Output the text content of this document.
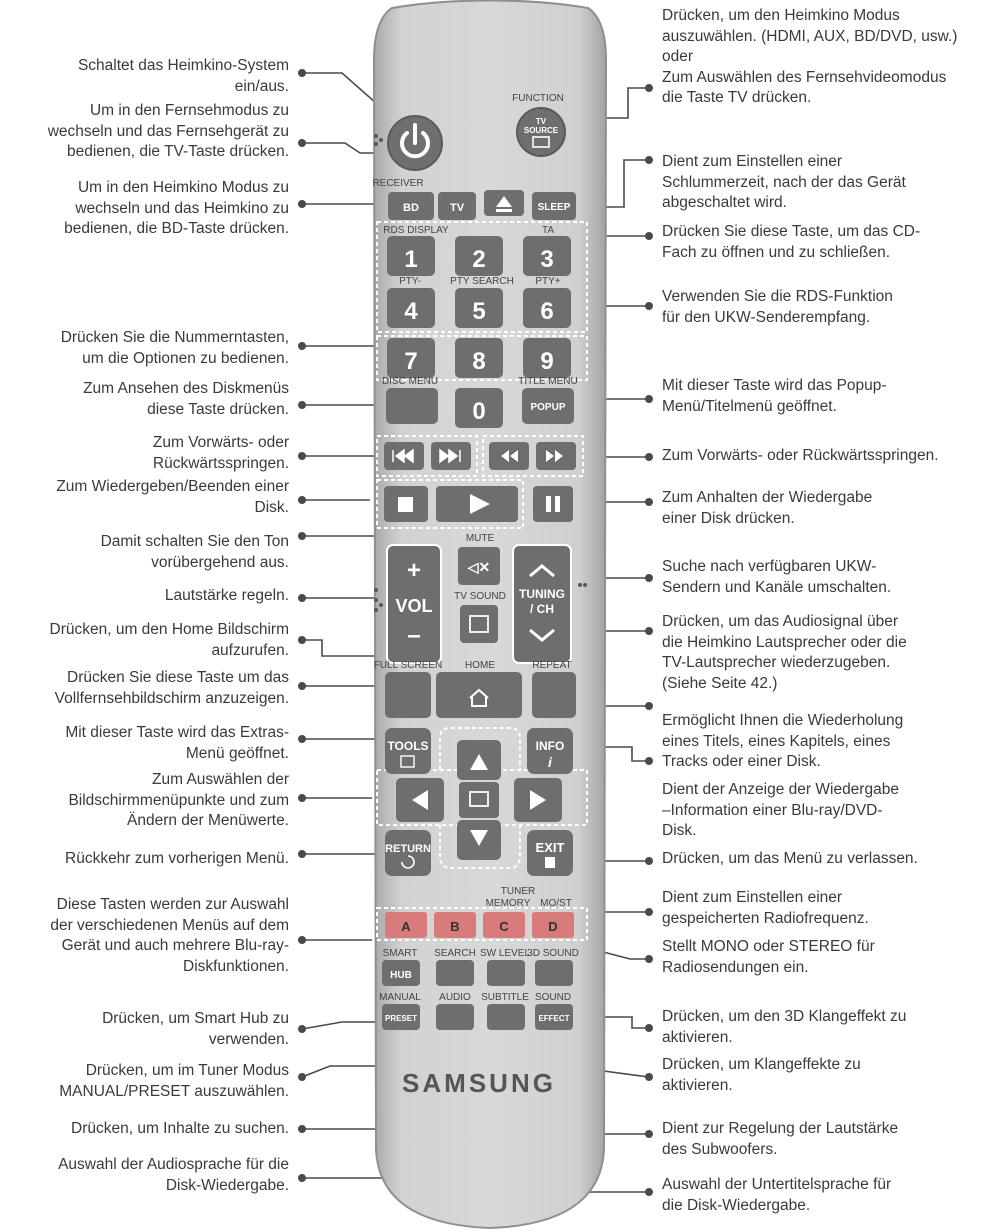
Schaltet das Heimkino-System
ein/aus.

Um in den Fernsehmodus zu
wechseln und das Fernsehgerät zu
bedienen, die TV-Taste drücken.

Um in den Heimkino Modus zu
wechseln und das Heimkino zu
bedienen, die BD-Taste drücken.

Drücken Sie die Nummerntasten,
um die Optionen zu bedienen.

Zum Ansehen des Diskmenüs
diese Taste drücken.

Zum Vorwärts- oder
Rückwärtsspringen.

Zum Wiedergeben/Beenden einer
Disk.

Damit schalten Sie den Ton
vorübergehend aus.

Lautstärke regeln.

Drücken, um den Home Bildschirm
aufzurufen.

Drücken Sie diese Taste um das
Vollfernsehbildschirm anzuzeigen.

Mit dieser Taste wird das Extras-
Menü geöffnet.

Zum Auswählen der
Bildschirmmenüpunkte und zum
Ändern der Menüwerte.

Rückkehr zum vorherigen Menü.

Diese Tasten werden zur Auswahl
der verschiedenen Menüs auf dem
Gerät und auch mehrere Blu-ray-
Diskfunktionen.

Drücken, um Smart Hub zu
verwenden.

Drücken, um im Tuner Modus
MANUAL/PRESET auszuwählen.

Drücken, um Inhalte zu suchen.

Auswahl der Audiosprache für die
Disk-Wiedergabe.

Drücken, um den Heimkino Modus
auszuwählen. (HDMI, AUX, BD/DVD, usw.)
oder
Zum Auswählen des Fernsehvideomodus
die Taste TV drücken.

Dient zum Einstellen einer
Schlummerzeit, nach der das Gerät
abgeschaltet wird.

Drücken Sie diese Taste, um das CD-
Fach zu öffnen und zu schließen.

Verwenden Sie die RDS-Funktion
für den UKW-Senderempfang.

Mit dieser Taste wird das Popup-
Menü/Titelmenü geöffnet.

Zum Vorwärts- oder Rückwärtsspringen.

Zum Anhalten der Wiedergabe
einer Disk drücken.

Suche nach verfügbaren UKW-
Sendern und Kanäle umschalten.

Drücken, um das Audiosignal über
die Heimkino Lautsprecher oder die
TV-Lautsprecher wiederzugeben.
(Siehe Seite 42.)

Ermöglicht Ihnen die Wiederholung
eines Titels, eines Kapitels, eines
Tracks oder einer Disk.

Dient der Anzeige der Wiedergabe
–Information einer Blu-ray/DVD-
Disk.

Drücken, um das Menü zu verlassen.

Dient zum Einstellen einer
gespeicherten Radiofrequenz.

Stellt MONO oder STEREO für
Radiosendungen ein.

Drücken, um den 3D Klangeffekt zu
aktivieren.

Drücken, um Klangeffekte zu
aktivieren.

Dient zur Regelung der Lautstärke
des Subwoofers.

Auswahl der Untertitelsprache für
die Disk-Wiedergabe.

FUNCTION
TV
SOURCE
RECEIVER
BD	TV	SLEEP
RDS DISPLAY	TA
PTY-	PTY SEARCH PTY+
1 2 3
4 5 6
7 8 9
0
DISC MENU	TITLE MENU
POPUP
MUTE
+
VOL
–
◁✕
TV SOUND TUNING
/ CH
FULL SCREEN HOME	REPEAT
TOOLS	INFO
i
RETURN	EXIT
TUNER
MEMORY MO/ST
A	B	C	D
SMART SEARCH SW LEVEL
3D SOUND
HUB
MANUAL AUDIO SUBTITLE SOUND
PRESET	EFFECT
SAMSUNG
